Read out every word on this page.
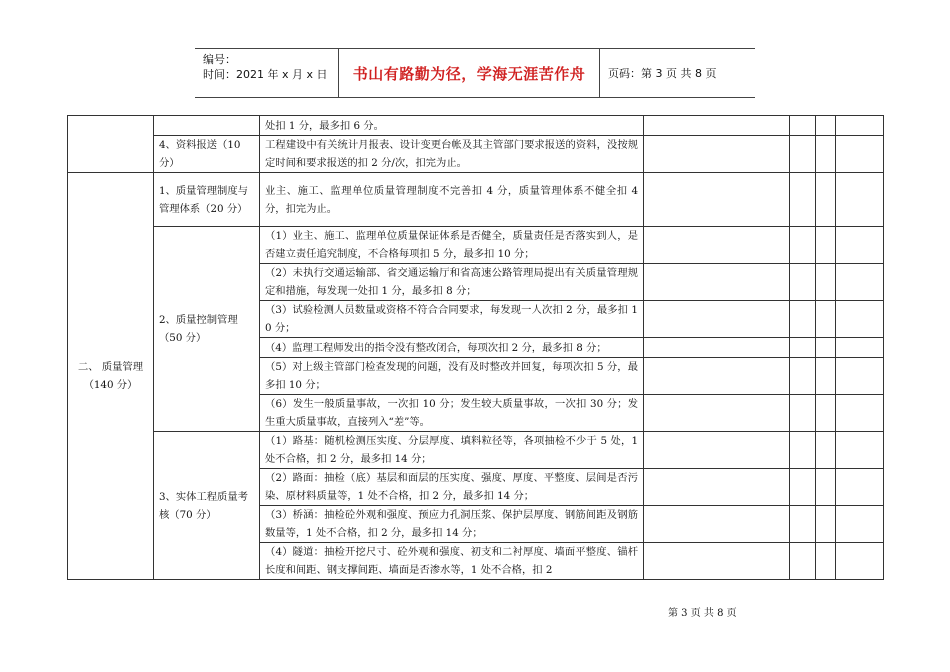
编号：
时间：2021 年 x 月 x 日 书山有路勤为径，学海无涯苦作舟 页码：第 3 页 共 8 页
		处扣 1 分，最多扣 6 分。				
	4、资料报送（10 分）	工程建设中有关统计月报表、设计变更台帐及其主管部门要求报送的资料，没按规定时间和要求报送的扣 2 分/次，扣完为止。				
二、 质量管理（140 分）	1、质量管理制度与管理体系（20 分）	业主、施工、监理单位质量管理制度不完善扣 4 分，质量管理体系不健全扣 4 分，扣完为止。				
	2、质量控制管理（50 分）	（1）业主、施工、监理单位质量保证体系是否健全，质量责任是否落实到人，是否建立责任追究制度，不合格每项扣 5 分，最多扣 10 分；				
		（2）未执行交通运输部、省交通运输厅和省高速公路管理局提出有关质量管理规定和措施，每发现一处扣 1 分，最多扣 8 分；				
		（3）试验检测人员数量或资格不符合合同要求，每发现一人次扣 2 分，最多扣 10 分；				
		（4）监理工程师发出的指令没有整改闭合，每项次扣 2 分，最多扣 8 分；				
		（5）对上级主管部门检查发现的问题，没有及时整改并回复，每项次扣 5 分，最多扣 10 分；				
		（6）发生一般质量事故，一次扣 10 分；发生较大质量事故，一次扣 30 分；发生重大质量事故，直接列入“差”等。				
	3、实体工程质量考核（70 分）	（1）路基：随机检测压实度、分层厚度、填料粒径等，各项抽检不少于 5 处，1 处不合格，扣 2 分，最多扣 14 分；				
		（2）路面：抽检（底）基层和面层的压实度、强度、厚度、平整度、层间是否污染、原材料质量等，1 处不合格，扣 2 分，最多扣 14 分；				
		（3）桥涵：抽检砼外观和强度、预应力孔洞压浆、保护层厚度、钢筋间距及钢筋数量等，1 处不合格，扣 2 分，最多扣 14 分；				
		（4）隧道：抽检开挖尺寸、砼外观和强度、初支和二衬厚度、墙面平整度、锚杆长度和间距、钢支撑间距、墙面是否渗水等，1 处不合格，扣 2				
第 3 页 共 8 页
